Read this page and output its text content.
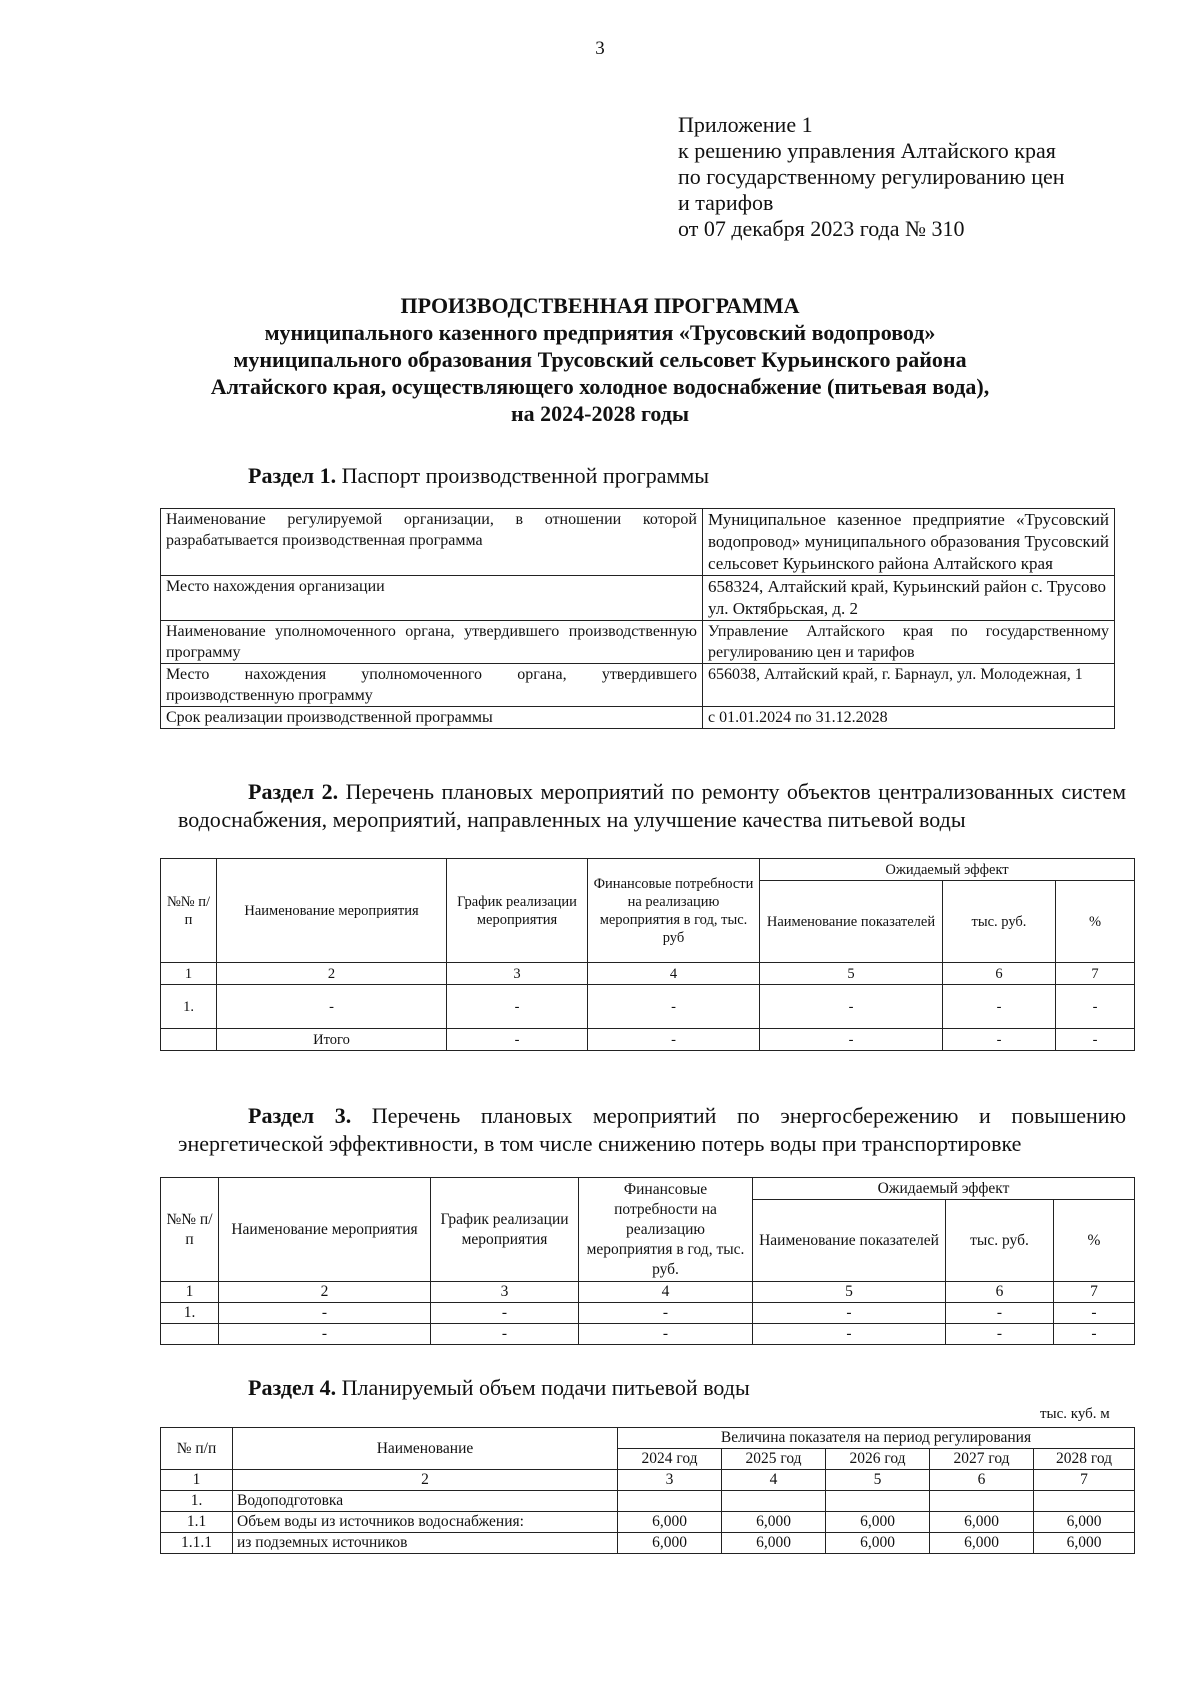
3
Приложение 1
к решению управления Алтайского края
по государственному регулированию цен
и тарифов
от 07 декабря 2023 года № 310
ПРОИЗВОДСТВЕННАЯ ПРОГРАММА
муниципального казенного предприятия «Трусовский водопровод»
муниципального образования Трусовский сельсовет Курьинского района
Алтайского края, осуществляющего холодное водоснабжение (питьевая вода),
на 2024-2028 годы
Раздел 1. Паспорт производственной программы
Наименование регулируемой организации, в отношении которой разрабатывается производственная программа	Муниципальное казенное предприятие «Трусовский водопровод» муниципального образования Трусовский сельсовет Курьинского района Алтайского края
Место нахождения организации	658324, Алтайский край, Курьинский район с. Трусово ул. Октябрьская, д. 2
Наименование уполномоченного органа, утвердившего производственную программу	Управление Алтайского края по государственному регулированию цен и тарифов
Место нахождения уполномоченного органа, утвердившего производственную программу	656038, Алтайский край, г. Барнаул, ул. Молодежная, 1
Срок реализации производственной программы	с 01.01.2024 по 31.12.2028
Раздел 2. Перечень плановых мероприятий по ремонту объектов централизованных систем водоснабжения, мероприятий, направленных на улучшение качества питьевой воды
№№ п/п	Наименование мероприятия	График реализации мероприятия	Финансовые потребности на реализацию мероприятия в год, тыс. руб	Ожидаемый эффект		
				Наименование показателей	тыс. руб.	%
1	2	3	4	5	6	7
1.	-	-	-	-	-	-
	Итого	-	-	-	-	-
Раздел 3. Перечень плановых мероприятий по энергосбережению и повышению энергетической эффективности, в том числе снижению потерь воды при транспортировке
№№ п/п	Наименование мероприятия	График реализации мероприятия	Финансовые потребности на реализацию мероприятия в год, тыс. руб.	Ожидаемый эффект		
				Наименование показателей	тыс. руб.	%
1	2	3	4	5	6	7
1.	-	-	-	-	-	-
	-	-	-	-	-	-
Раздел 4. Планируемый объем подачи питьевой воды
тыс. куб. м
№ п/п	Наименование	Величина показателя на период регулирования				
		2024 год	2025 год	2026 год	2027 год	2028 год
1	2	3	4	5	6	7
1.	Водоподготовка					
1.1	Объем воды из источников водоснабжения:	6,000	6,000	6,000	6,000	6,000
1.1.1	из подземных источников	6,000	6,000	6,000	6,000	6,000
